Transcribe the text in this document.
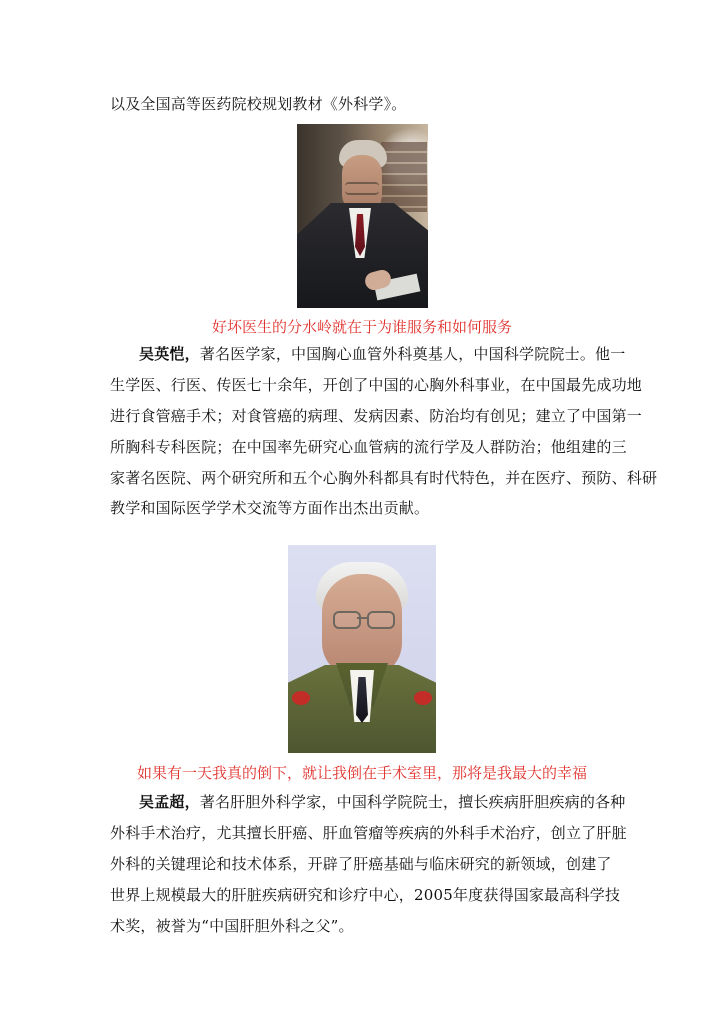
以及全国高等医药院校规划教材《外科学》。
好坏医生的分水岭就在于为谁服务和如何服务
吴英恺，著名医学家，中国胸心血管外科奠基人，中国科学院院士。他一
生学医、行医、传医七十余年，开创了中国的心胸外科事业，在中国最先成功地
进行食管癌手术；对食管癌的病理、发病因素、防治均有创见；建立了中国第一
所胸科专科医院；在中国率先研究心血管病的流行学及人群防治；他组建的三
家著名医院、两个研究所和五个心胸外科都具有时代特色，并在医疗、预防、科研
教学和国际医学学术交流等方面作出杰出贡献。
如果有一天我真的倒下，就让我倒在手术室里，那将是我最大的幸福
吴孟超，著名肝胆外科学家，中国科学院院士，擅长疾病肝胆疾病的各种
外科手术治疗，尤其擅长肝癌、肝血管瘤等疾病的外科手术治疗，创立了肝脏
外科的关键理论和技术体系，开辟了肝癌基础与临床研究的新领域，创建了
世界上规模最大的肝脏疾病研究和诊疗中心，2005年度获得国家最高科学技
术奖，被誉为“中国肝胆外科之父”。
